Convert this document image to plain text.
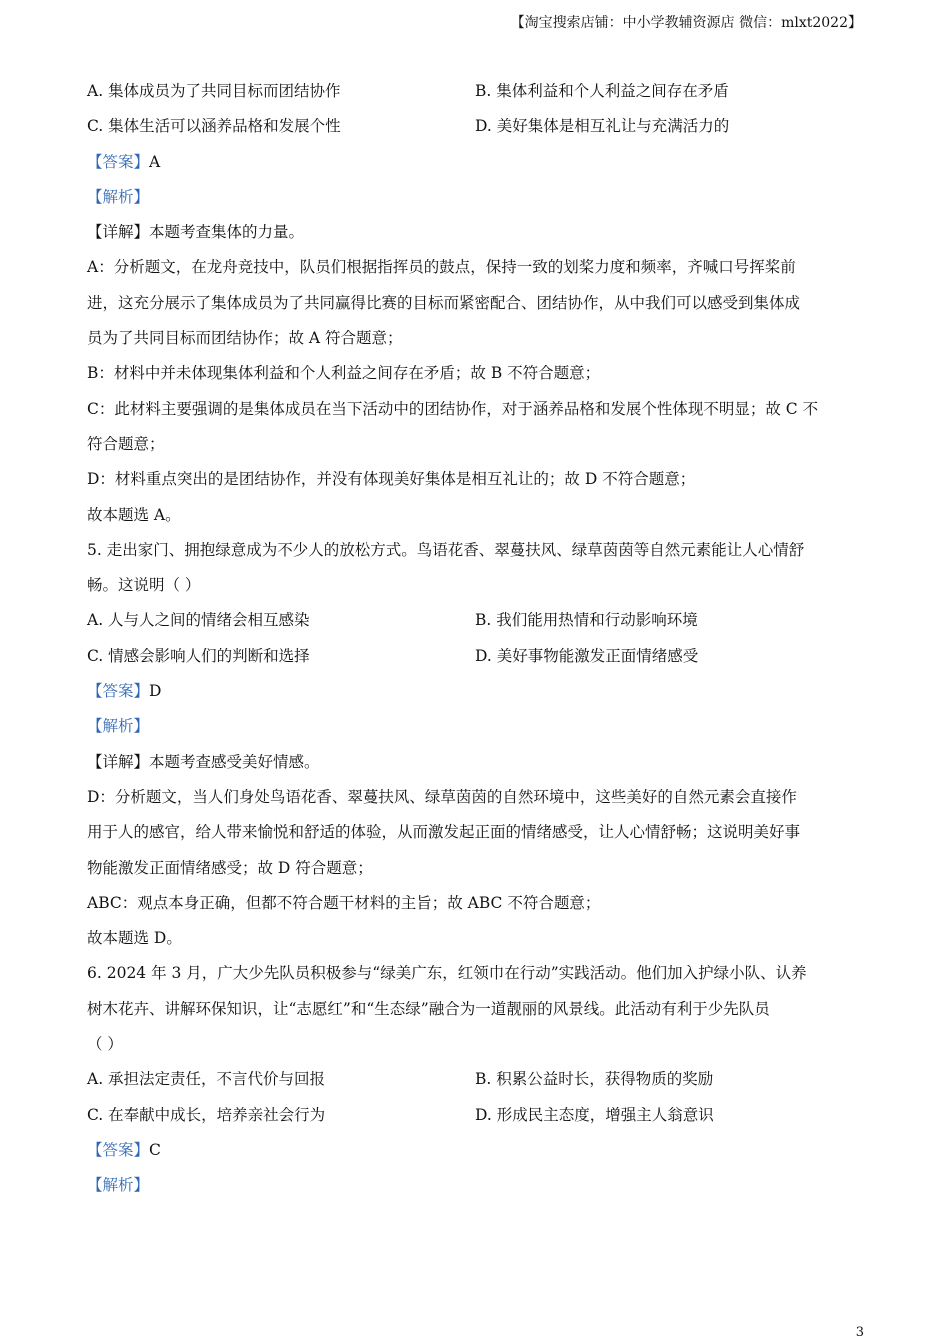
【淘宝搜索店铺：中小学教辅资源店 微信：mlxt2022】
A. 集体成员为了共同目标而团结协作	B. 集体利益和个人利益之间存在矛盾
C. 集体生活可以涵养品格和发展个性	D. 美好集体是相互礼让与充满活力的
【答案】A
【解析】
【详解】本题考查集体的力量。
A：分析题文，在龙舟竞技中，队员们根据指挥员的鼓点，保持一致的划桨力度和频率，齐喊口号挥桨前
进，这充分展示了集体成员为了共同赢得比赛的目标而紧密配合、团结协作，从中我们可以感受到集体成
员为了共同目标而团结协作；故 A 符合题意；
B：材料中并未体现集体利益和个人利益之间存在矛盾；故 B 不符合题意；
C：此材料主要强调的是集体成员在当下活动中的团结协作，对于涵养品格和发展个性体现不明显；故 C 不
符合题意；
D：材料重点突出的是团结协作，并没有体现美好集体是相互礼让的；故 D 不符合题意；
故本题选 A。
5. 走出家门、拥抱绿意成为不少人的放松方式。鸟语花香、翠蔓扶风、绿草茵茵等自然元素能让人心情舒
畅。这说明（ ）
A. 人与人之间的情绪会相互感染	B. 我们能用热情和行动影响环境
C. 情感会影响人们的判断和选择	D. 美好事物能激发正面情绪感受
【答案】D
【解析】
【详解】本题考查感受美好情感。
D：分析题文，当人们身处鸟语花香、翠蔓扶风、绿草茵茵的自然环境中，这些美好的自然元素会直接作
用于人的感官，给人带来愉悦和舒适的体验，从而激发起正面的情绪感受，让人心情舒畅；这说明美好事
物能激发正面情绪感受；故 D 符合题意；
ABC：观点本身正确，但都不符合题干材料的主旨；故 ABC 不符合题意；
故本题选 D。
6. 2024 年 3 月，广大少先队员积极参与“绿美广东，红领巾在行动”实践活动。他们加入护绿小队、认养
树木花卉、讲解环保知识，让“志愿红”和“生态绿”融合为一道靓丽的风景线。此活动有利于少先队员
（ ）
A. 承担法定责任，不言代价与回报	B. 积累公益时长，获得物质的奖励
C. 在奉献中成长，培养亲社会行为	D. 形成民主态度，增强主人翁意识
【答案】C
【解析】
3
